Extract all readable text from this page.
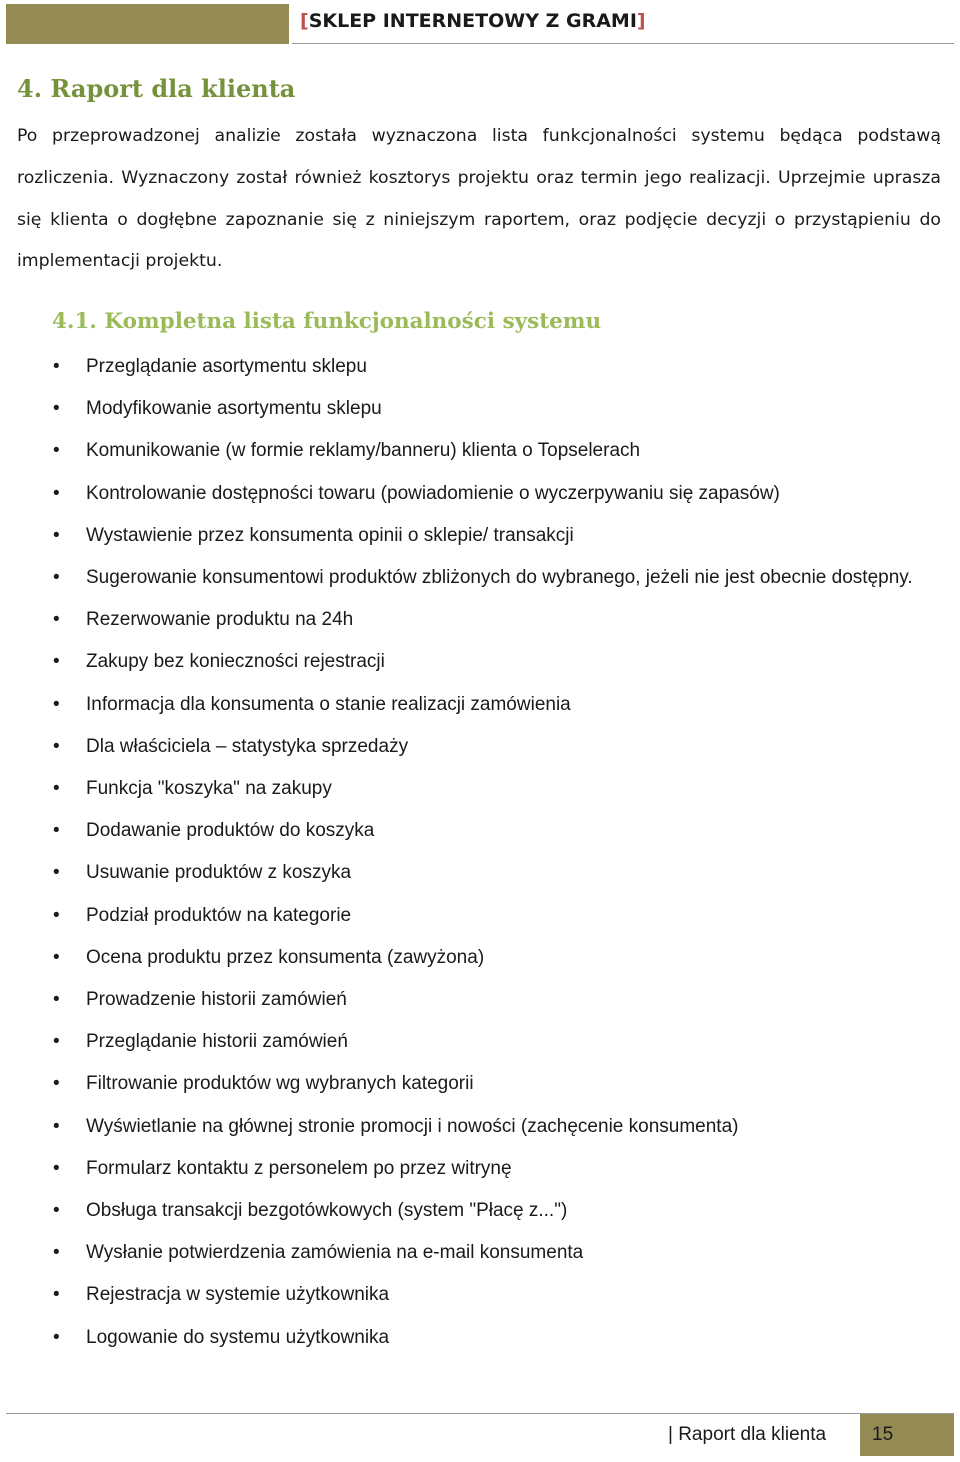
[SKLEP INTERNETOWY Z GRAMI]
4. Raport dla klienta

Po przeprowadzonej analizie została wyznaczona lista funkcjonalności systemu będąca podstawą rozliczenia. Wyznaczony został również kosztorys projektu oraz termin jego realizacji. Uprzejmie uprasza się klienta o dogłębne zapoznanie się z niniejszym raportem, oraz podjęcie decyzji o przystąpieniu do implementacji projektu.

4.1. Kompletna lista funkcjonalności systemu
• Przeglądanie asortymentu sklepu
• Modyfikowanie asortymentu sklepu
• Komunikowanie (w formie reklamy/banneru) klienta o Topselerach
• Kontrolowanie dostępności towaru (powiadomienie o wyczerpywaniu się zapasów)
• Wystawienie przez konsumenta opinii o sklepie/ transakcji
• Sugerowanie konsumentowi produktów zbliżonych do wybranego, jeżeli nie jest obecnie dostępny.
• Rezerwowanie produktu na 24h
• Zakupy bez konieczności rejestracji
• Informacja dla konsumenta o stanie realizacji zamówienia
• Dla właściciela – statystyka sprzedaży
• Funkcja "koszyka" na zakupy
• Dodawanie produktów do koszyka
• Usuwanie produktów z koszyka
• Podział produktów na kategorie
• Ocena produktu przez konsumenta (zawyżona)
• Prowadzenie historii zamówień
• Przeglądanie historii zamówień
• Filtrowanie produktów wg wybranych kategorii
• Wyświetlanie na głównej stronie promocji i nowości (zachęcenie konsumenta)
• Formularz kontaktu z personelem po przez witrynę
• Obsługa transakcji bezgotówkowych (system "Płacę z...")
• Wysłanie potwierdzenia zamówienia na e-mail konsumenta
• Rejestracja w systemie użytkownika
• Logowanie do systemu użytkownika
| Raport dla klienta 15
